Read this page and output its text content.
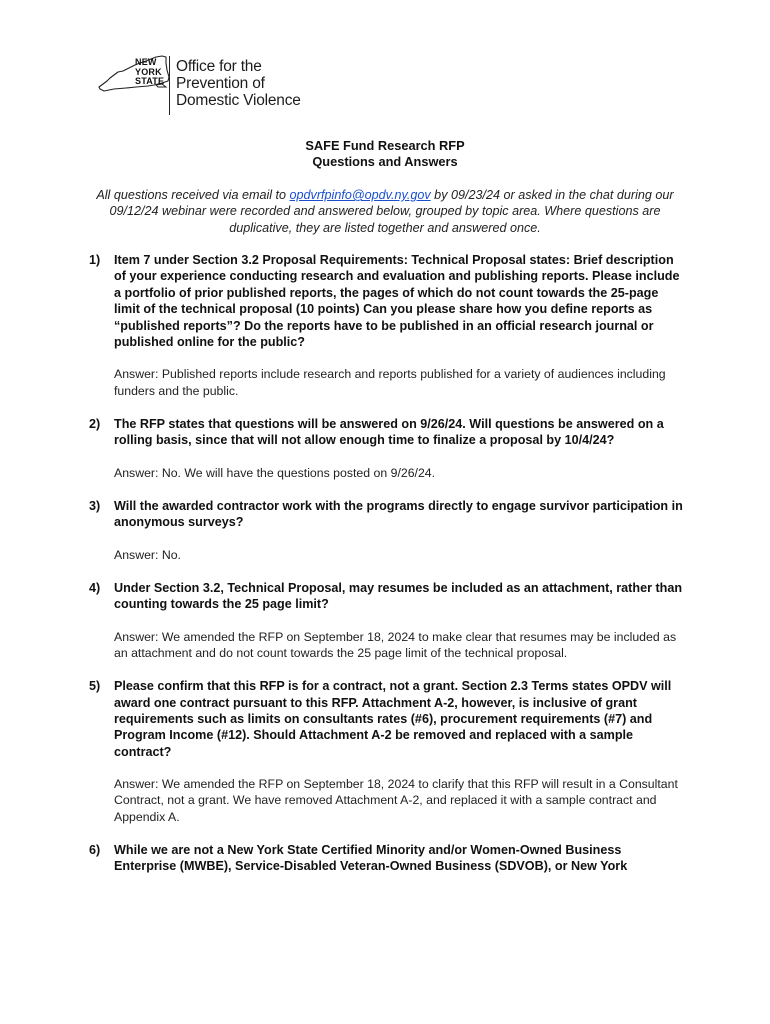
NEW
YORK
STATE
Office for the
Prevention of
Domestic Violence
SAFE Fund Research RFP
Questions and Answers
All questions received via email to opdvrfpinfo@opdv.ny.gov by 09/23/24 or asked in the chat during our 09/12/24 webinar were recorded and answered below, grouped by topic area. Where questions are duplicative, they are listed together and answered once.
1) Item 7 under Section 3.2 Proposal Requirements: Technical Proposal states: Brief description of your experience conducting research and evaluation and publishing reports. Please include a portfolio of prior published reports, the pages of which do not count towards the 25-page limit of the technical proposal (10 points) Can you please share how you define reports as “published reports”? Do the reports have to be published in an official research journal or published online for the public?
Answer: Published reports include research and reports published for a variety of audiences including funders and the public.
2) The RFP states that questions will be answered on 9/26/24. Will questions be answered on a rolling basis, since that will not allow enough time to finalize a proposal by 10/4/24?
Answer: No. We will have the questions posted on 9/26/24.
3) Will the awarded contractor work with the programs directly to engage survivor participation in anonymous surveys?
Answer: No.
4) Under Section 3.2, Technical Proposal, may resumes be included as an attachment, rather than counting towards the 25 page limit?
Answer: We amended the RFP on September 18, 2024 to make clear that resumes may be included as an attachment and do not count towards the 25 page limit of the technical proposal.
5) Please confirm that this RFP is for a contract, not a grant. Section 2.3 Terms states OPDV will award one contract pursuant to this RFP. Attachment A-2, however, is inclusive of grant requirements such as limits on consultants rates (#6), procurement requirements (#7) and Program Income (#12). Should Attachment A-2 be removed and replaced with a sample contract?
Answer: We amended the RFP on September 18, 2024 to clarify that this RFP will result in a Consultant Contract, not a grant. We have removed Attachment A-2, and replaced it with a sample contract and Appendix A.
6) While we are not a New York State Certified Minority and/or Women-Owned Business Enterprise (MWBE), Service-Disabled Veteran-Owned Business (SDVOB), or New York
